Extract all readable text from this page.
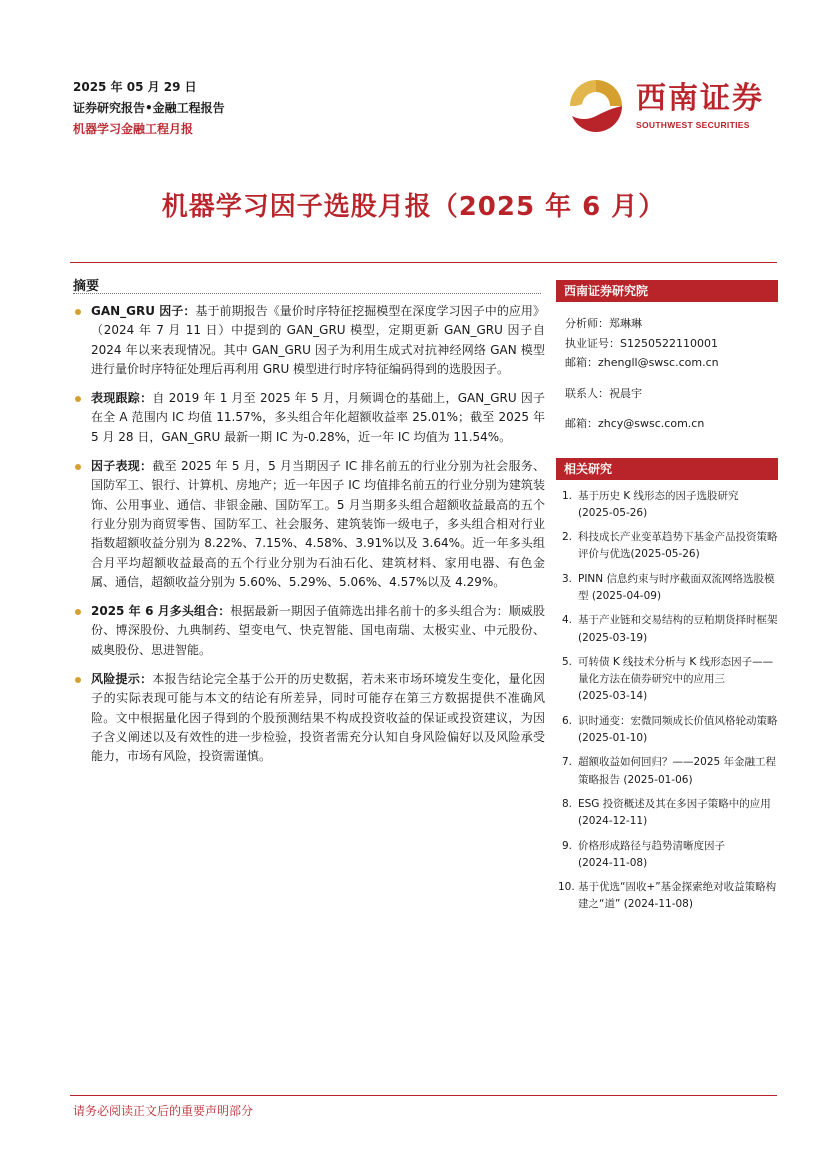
2025 年 05 月 29 日
证券研究报告•金融工程报告
机器学习金融工程月报
西南证券
SOUTHWEST SECURITIES
机器学习因子选股月报（2025 年 6 月）
摘要
GAN_GRU 因子：基于前期报告《量价时序特征挖掘模型在深度学习因子中的应用》（2024 年 7 月 11 日）中提到的 GAN_GRU 模型，定期更新 GAN_GRU 因子自 2024 年以来表现情况。其中 GAN_GRU 因子为利用生成式对抗神经网络 GAN 模型进行量价时序特征处理后再利用 GRU 模型进行时序特征编码得到的选股因子。
表现跟踪：自 2019 年 1 月至 2025 年 5 月，月频调仓的基础上，GAN_GRU 因子在全 A 范围内 IC 均值 11.57%，多头组合年化超额收益率 25.01%；截至 2025 年 5 月 28 日，GAN_GRU 最新一期 IC 为-0.28%，近一年 IC 均值为 11.54%。
因子表现：截至 2025 年 5 月，5 月当期因子 IC 排名前五的行业分别为社会服务、国防军工、银行、计算机、房地产；近一年因子 IC 均值排名前五的行业分别为建筑装饰、公用事业、通信、非银金融、国防军工。5 月当期多头组合超额收益最高的五个行业分别为商贸零售、国防军工、社会服务、建筑装饰一级电子，多头组合相对行业指数超额收益分别为 8.22%、7.15%、4.58%、3.91%以及 3.64%。近一年多头组合月平均超额收益最高的五个行业分别为石油石化、建筑材料、家用电器、有色金属、通信，超额收益分别为 5.60%、5.29%、5.06%、4.57%以及 4.29%。
2025 年 6 月多头组合：根据最新一期因子值筛选出排名前十的多头组合为：顺威股份、博深股份、九典制药、望变电气、快克智能、国电南瑞、太极实业、中元股份、威奥股份、思进智能。
风险提示：本报告结论完全基于公开的历史数据，若未来市场环境发生变化，量化因子的实际表现可能与本文的结论有所差异，同时可能存在第三方数据提供不准确风险。文中根据量化因子得到的个股预测结果不构成投资收益的保证或投资建议，为因子含义阐述以及有效性的进一步检验，投资者需充分认知自身风险偏好以及风险承受能力，市场有风险，投资需谨慎。
西南证券研究院
分析师：郑琳琳
执业证号：S1250522110001
邮箱：zhengll@swsc.com.cn
联系人：祝晨宇
邮箱：zhcy@swsc.com.cn
相关研究
1. 基于历史 K 线形态的因子选股研究
(2025-05-26)
2. 科技成长产业变革趋势下基金产品投资策略评价与优选(2025-05-26)
3. PINN 信息约束与时序截面双流网络选股模型 (2025-04-09)
4. 基于产业链和交易结构的豆粕期货择时框架 (2025-03-19)
5. 可转债 K 线技术分析与 K 线形态因子——量化方法在债券研究中的应用三
(2025-03-14)
6. 识时通变：宏微同频成长价值风格轮动策略 (2025-01-10)
7. 超额收益如何回归？——2025 年金融工程策略报告 (2025-01-06)
8. ESG 投资概述及其在多因子策略中的应用 (2024-12-11)
9. 价格形成路径与趋势清晰度因子
(2024-11-08)
10. 基于优选“固收+”基金探索绝对收益策略构建之“道” (2024-11-08)
请务必阅读正文后的重要声明部分
